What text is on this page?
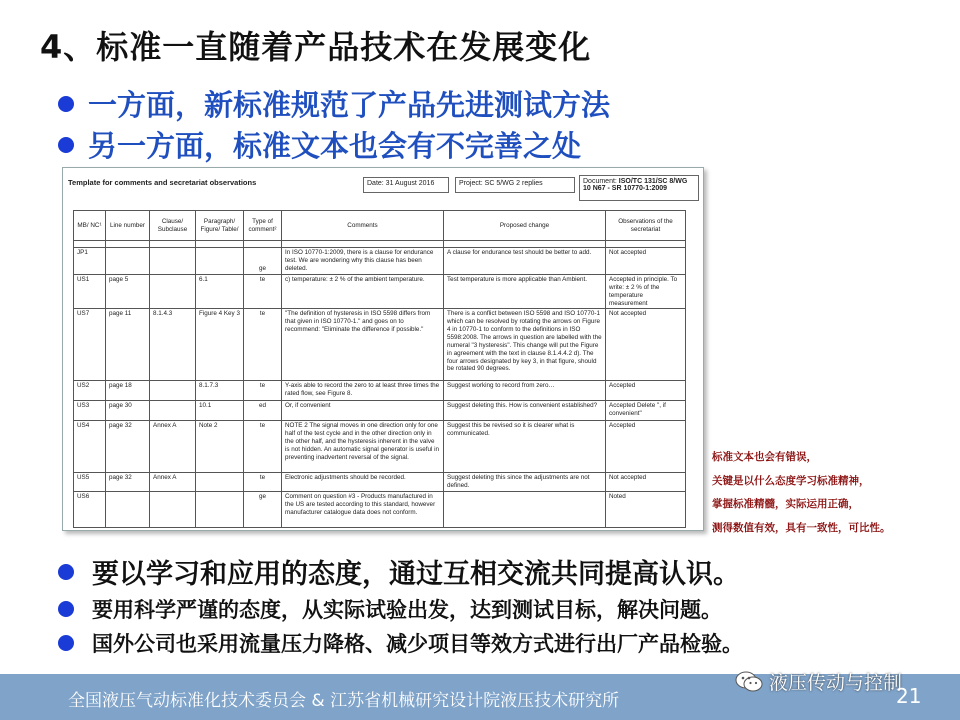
4、标准一直随着产品技术在发展变化
一方面，新标准规范了产品先进测试方法
另一方面，标准文本也会有不完善之处
Template for comments and secretariat observations	Date: 31 August 2016	Project: SC 5/WG 2 replies	Document: ISO/TC 131/SC 8/WG 10 N67 - SR 10770-1:2009
MB/ NC¹	Line number	Clause/ Subclause	Paragraph/ Figure/ Table/	Type of comment²	Comments	Proposed change	Observations of the secretariat

JP1				ge	In ISO 10770-1:2009, there is a clause for endurance test. We are wondering why this clause has been deleted.	A clause for endurance test should be better to add.	Not accepted
US1	page 5		6.1	te	c) temperature: ± 2 % of the ambient temperature.	Test temperature is more applicable than Ambient.	Accepted in principle. To write: ± 2 % of the temperature measurement
US7	page 11	8.1.4.3	Figure 4 Key 3	te	"The definition of hysteresis in ISO 5598 differs from that given in ISO 10770-1." and goes on to recommend: "Eliminate the difference if possible."	There is a conflict between ISO 5598 and ISO 10770-1 which can be resolved by rotating the arrows on Figure 4 in 10770-1 to conform to the definitions in ISO 5598:2008. The arrows in question are labelled with the numeral "3 hysteresis". This change will put the Figure in agreement with the text in clause 8.1.4.4.2 d). The four arrows designated by key 3, in that figure, should be rotated 90 degrees.	Not accepted
US2	page 18		8.1.7.3	te	Y-axis able to record the zero to at least three times the rated flow, see Figure 8.	Suggest working to record from zero…	Accepted
US3	page 30		10.1	ed	Or, if convenient	Suggest deleting this. How is convenient established?	Accepted Delete ", if convenient"
US4	page 32	Annex A	Note 2	te	NOTE 2 The signal moves in one direction only for one half of the test cycle and in the other direction only in the other half, and the hysteresis inherent in the valve is not hidden. An automatic signal generator is useful in preventing inadvertent reversal of the signal.	Suggest this be revised so it is clearer what is communicated.	Accepted
US5	page 32	Annex A		te	Electronic adjustments should be recorded.	Suggest deleting this since the adjustments are not defined.	Not accepted
US6				ge	Comment on question #3 - Products manufactured in the US are tested according to this standard, however manufacturer catalogue data does not conform.		Noted
标准文本也会有错误，
关键是以什么态度学习标准精神，
掌握标准精髓，实际运用正确，
测得数值有效，具有一致性，可比性。
要以学习和应用的态度，通过互相交流共同提高认识。
要用科学严谨的态度，从实际试验出发，达到测试目标，解决问题。
国外公司也采用流量压力降格、减少项目等效方式进行出厂产品检验。
全国液压气动标准化技术委员会 & 江苏省机械研究设计院液压技术研究所
液压传动与控制
21
